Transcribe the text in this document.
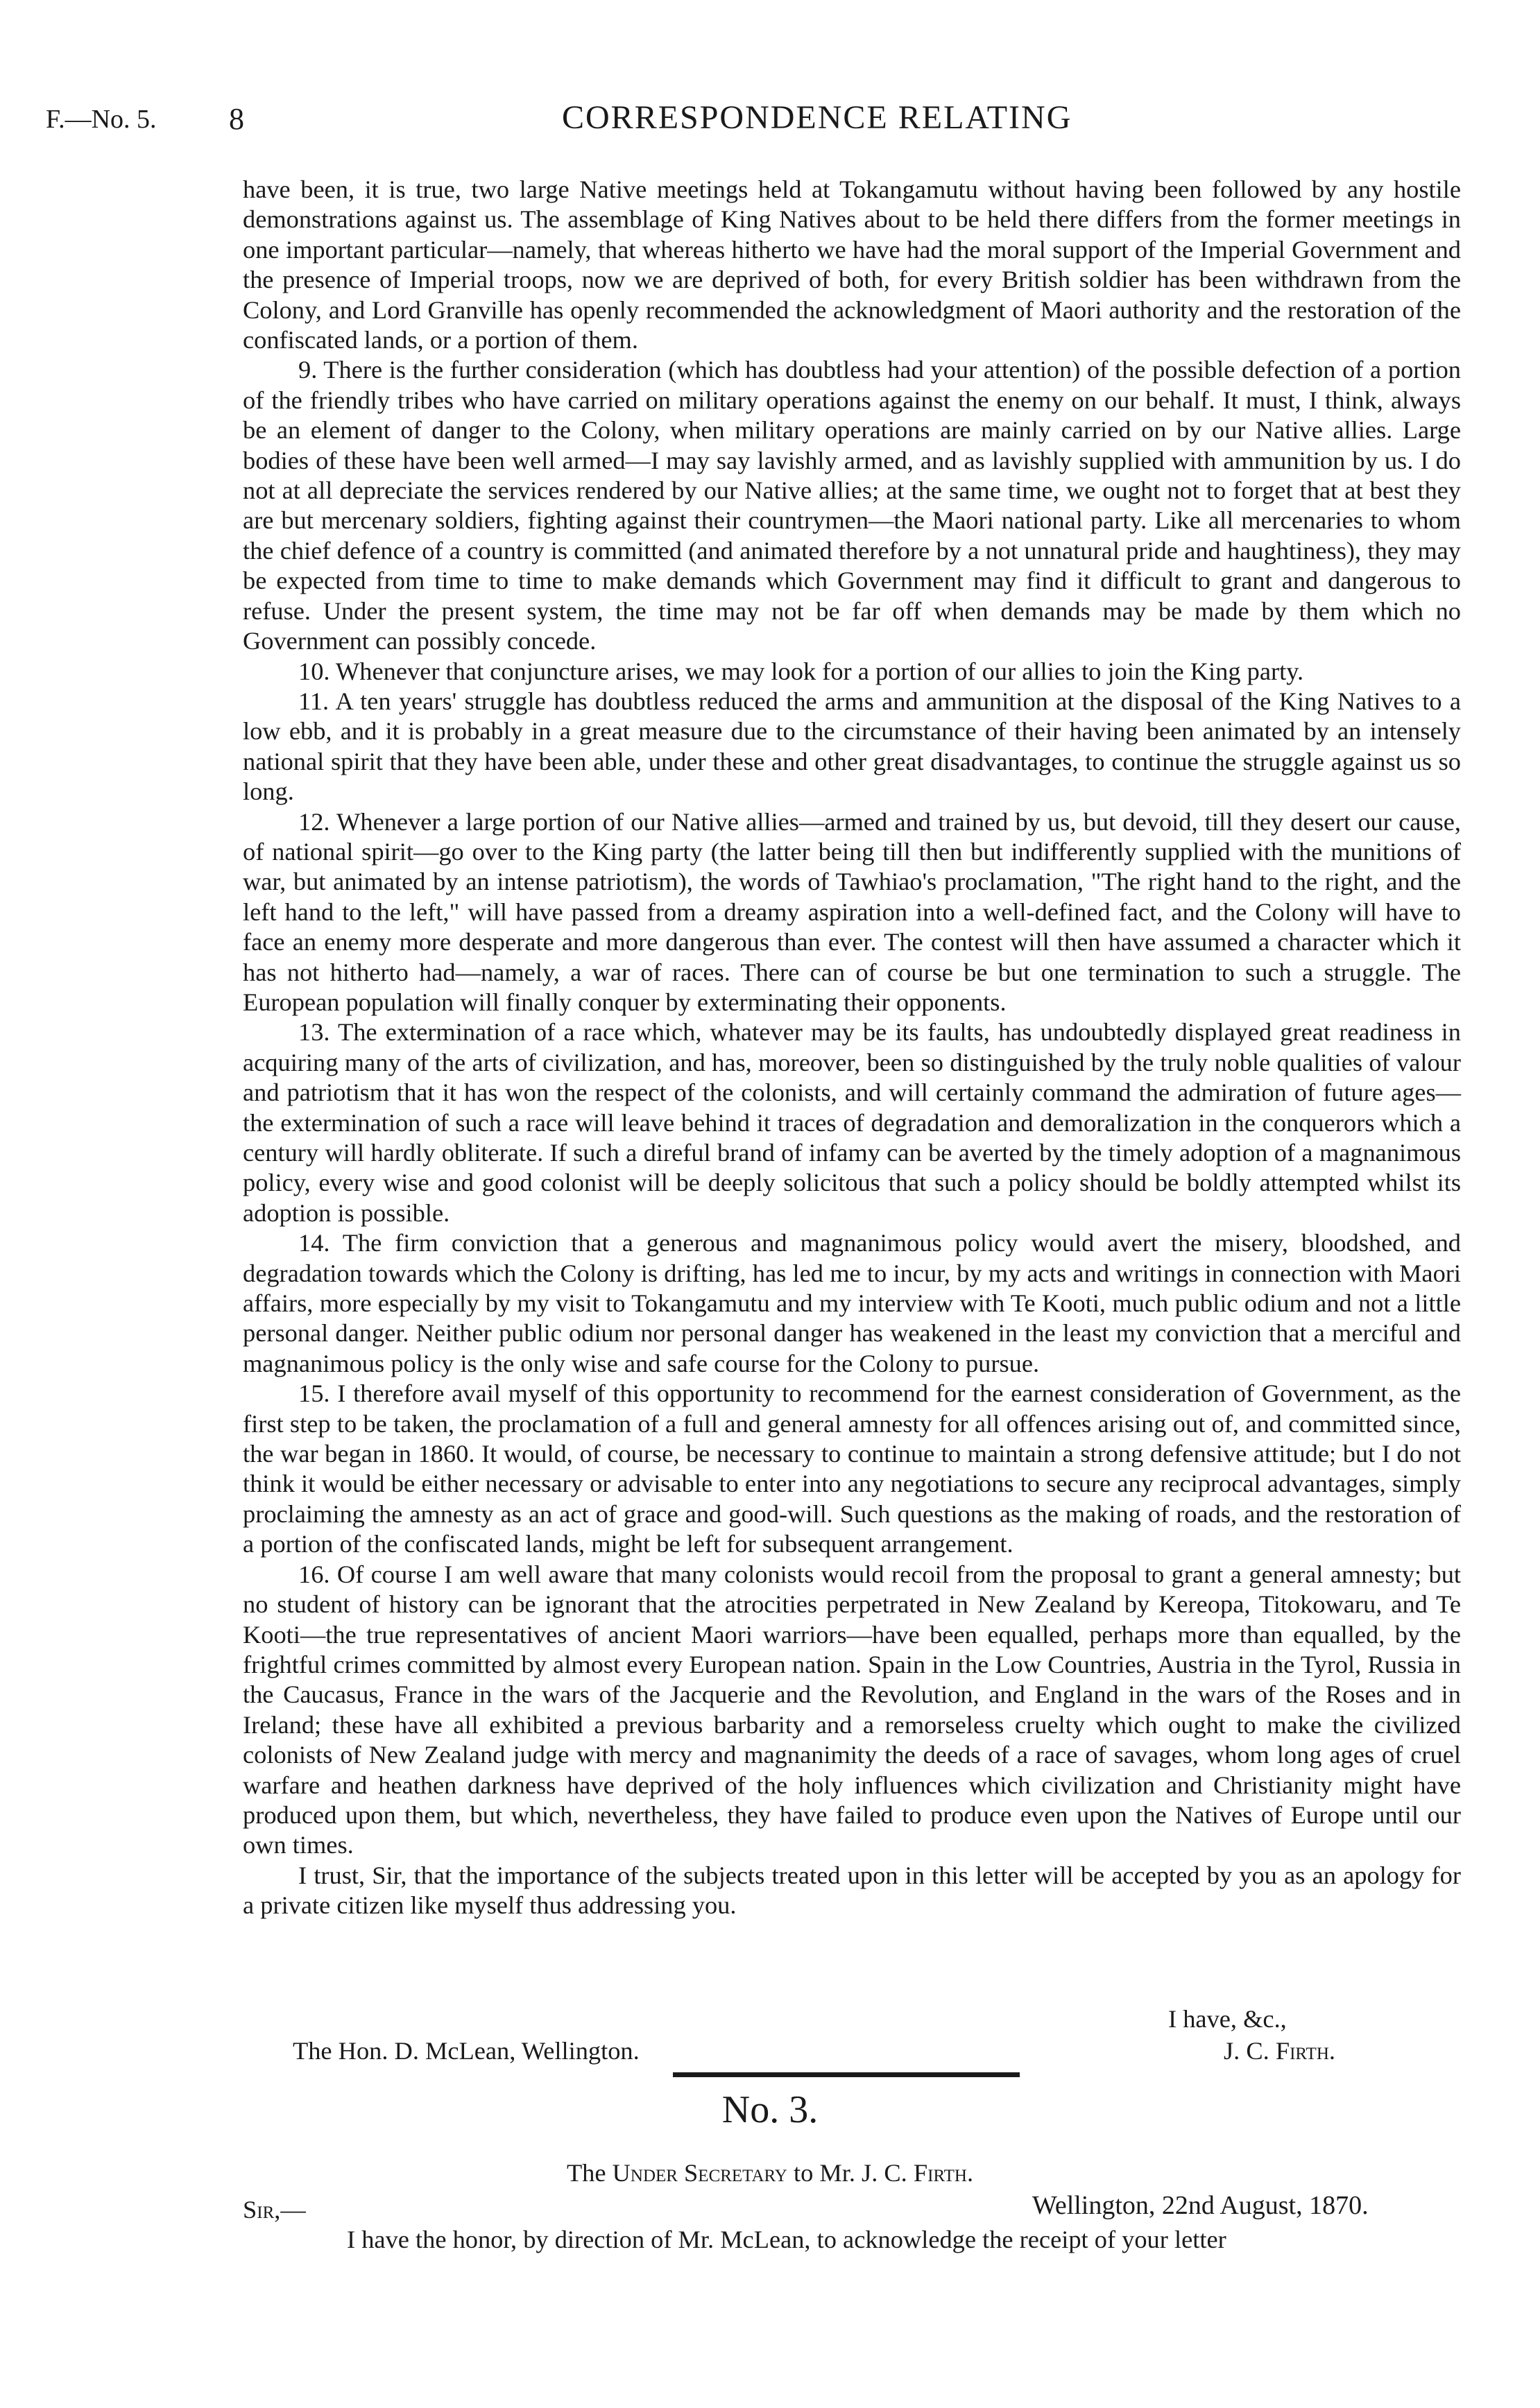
F.—No. 5. 8	CORRESPONDENCE RELATING

have been, it is true, two large Native meetings held at Tokangamutu without having been followed by any hostile demonstrations against us. The assemblage of King Natives about to be held there differs from the former meetings in one important particular—namely, that whereas hitherto we have had the moral support of the Imperial Government and the presence of Imperial troops, now we are deprived of both, for every British soldier has been withdrawn from the Colony, and Lord Granville has openly recommended the acknowledgment of Maori authority and the restoration of the confiscated lands, or a portion of them.

9. There is the further consideration (which has doubtless had your attention) of the possible defection of a portion of the friendly tribes who have carried on military operations against the enemy on our behalf. It must, I think, always be an element of danger to the Colony, when military operations are mainly carried on by our Native allies. Large bodies of these have been well armed—I may say lavishly armed, and as lavishly supplied with ammunition by us. I do not at all depreciate the services rendered by our Native allies; at the same time, we ought not to forget that at best they are but mercenary soldiers, fighting against their countrymen—the Maori national party. Like all mercenaries to whom the chief defence of a country is committed (and animated therefore by a not unnatural pride and haughtiness), they may be expected from time to time to make demands which Government may find it difficult to grant and dangerous to refuse. Under the present system, the time may not be far off when demands may be made by them which no Government can possibly concede.

10. Whenever that conjuncture arises, we may look for a portion of our allies to join the King party.

11. A ten years' struggle has doubtless reduced the arms and ammunition at the disposal of the King Natives to a low ebb, and it is probably in a great measure due to the circumstance of their having been animated by an intensely national spirit that they have been able, under these and other great disadvantages, to continue the struggle against us so long.

12. Whenever a large portion of our Native allies—armed and trained by us, but devoid, till they desert our cause, of national spirit—go over to the King party (the latter being till then but indifferently supplied with the munitions of war, but animated by an intense patriotism), the words of Tawhiao's proclamation, "The right hand to the right, and the left hand to the left," will have passed from a dreamy aspiration into a well-defined fact, and the Colony will have to face an enemy more desperate and more dangerous than ever. The contest will then have assumed a character which it has not hitherto had—namely, a war of races. There can of course be but one termination to such a struggle. The European population will finally conquer by exterminating their opponents.

13. The extermination of a race which, whatever may be its faults, has undoubtedly displayed great readiness in acquiring many of the arts of civilization, and has, moreover, been so distinguished by the truly noble qualities of valour and patriotism that it has won the respect of the colonists, and will certainly command the admiration of future ages—the extermination of such a race will leave behind it traces of degradation and demoralization in the conquerors which a century will hardly obliterate. If such a direful brand of infamy can be averted by the timely adoption of a magnanimous policy, every wise and good colonist will be deeply solicitous that such a policy should be boldly attempted whilst its adoption is possible.

14. The firm conviction that a generous and magnanimous policy would avert the misery, bloodshed, and degradation towards which the Colony is drifting, has led me to incur, by my acts and writings in connection with Maori affairs, more especially by my visit to Tokangamutu and my interview with Te Kooti, much public odium and not a little personal danger. Neither public odium nor personal danger has weakened in the least my conviction that a merciful and magnanimous policy is the only wise and safe course for the Colony to pursue.

15. I therefore avail myself of this opportunity to recommend for the earnest consideration of Government, as the first step to be taken, the proclamation of a full and general amnesty for all offences arising out of, and committed since, the war began in 1860. It would, of course, be necessary to continue to maintain a strong defensive attitude; but I do not think it would be either necessary or advisable to enter into any negotiations to secure any reciprocal advantages, simply proclaiming the amnesty as an act of grace and good-will. Such questions as the making of roads, and the restoration of a portion of the confiscated lands, might be left for subsequent arrangement.

16. Of course I am well aware that many colonists would recoil from the proposal to grant a general amnesty; but no student of history can be ignorant that the atrocities perpetrated in New Zealand by Kereopa, Titokowaru, and Te Kooti—the true representatives of ancient Maori warriors—have been equalled, perhaps more than equalled, by the frightful crimes committed by almost every European nation. Spain in the Low Countries, Austria in the Tyrol, Russia in the Caucasus, France in the wars of the Jacquerie and the Revolution, and England in the wars of the Roses and in Ireland; these have all exhibited a previous barbarity and a remorseless cruelty which ought to make the civilized colonists of New Zealand judge with mercy and magnanimity the deeds of a race of savages, whom long ages of cruel warfare and heathen darkness have deprived of the holy influences which civilization and Christianity might have produced upon them, but which, nevertheless, they have failed to produce even upon the Natives of Europe until our own times.

I trust, Sir, that the importance of the subjects treated upon in this letter will be accepted by you as an apology for a private citizen like myself thus addressing you.

I have, &c.,
The Hon. D. McLean, Wellington.	J. C. Firth.
No. 3.
The Under Secretary to Mr. J. C. Firth.
Sir,—	Wellington, 22nd August, 1870.
I have the honor, by direction of Mr. McLean, to acknowledge the receipt of your letter
